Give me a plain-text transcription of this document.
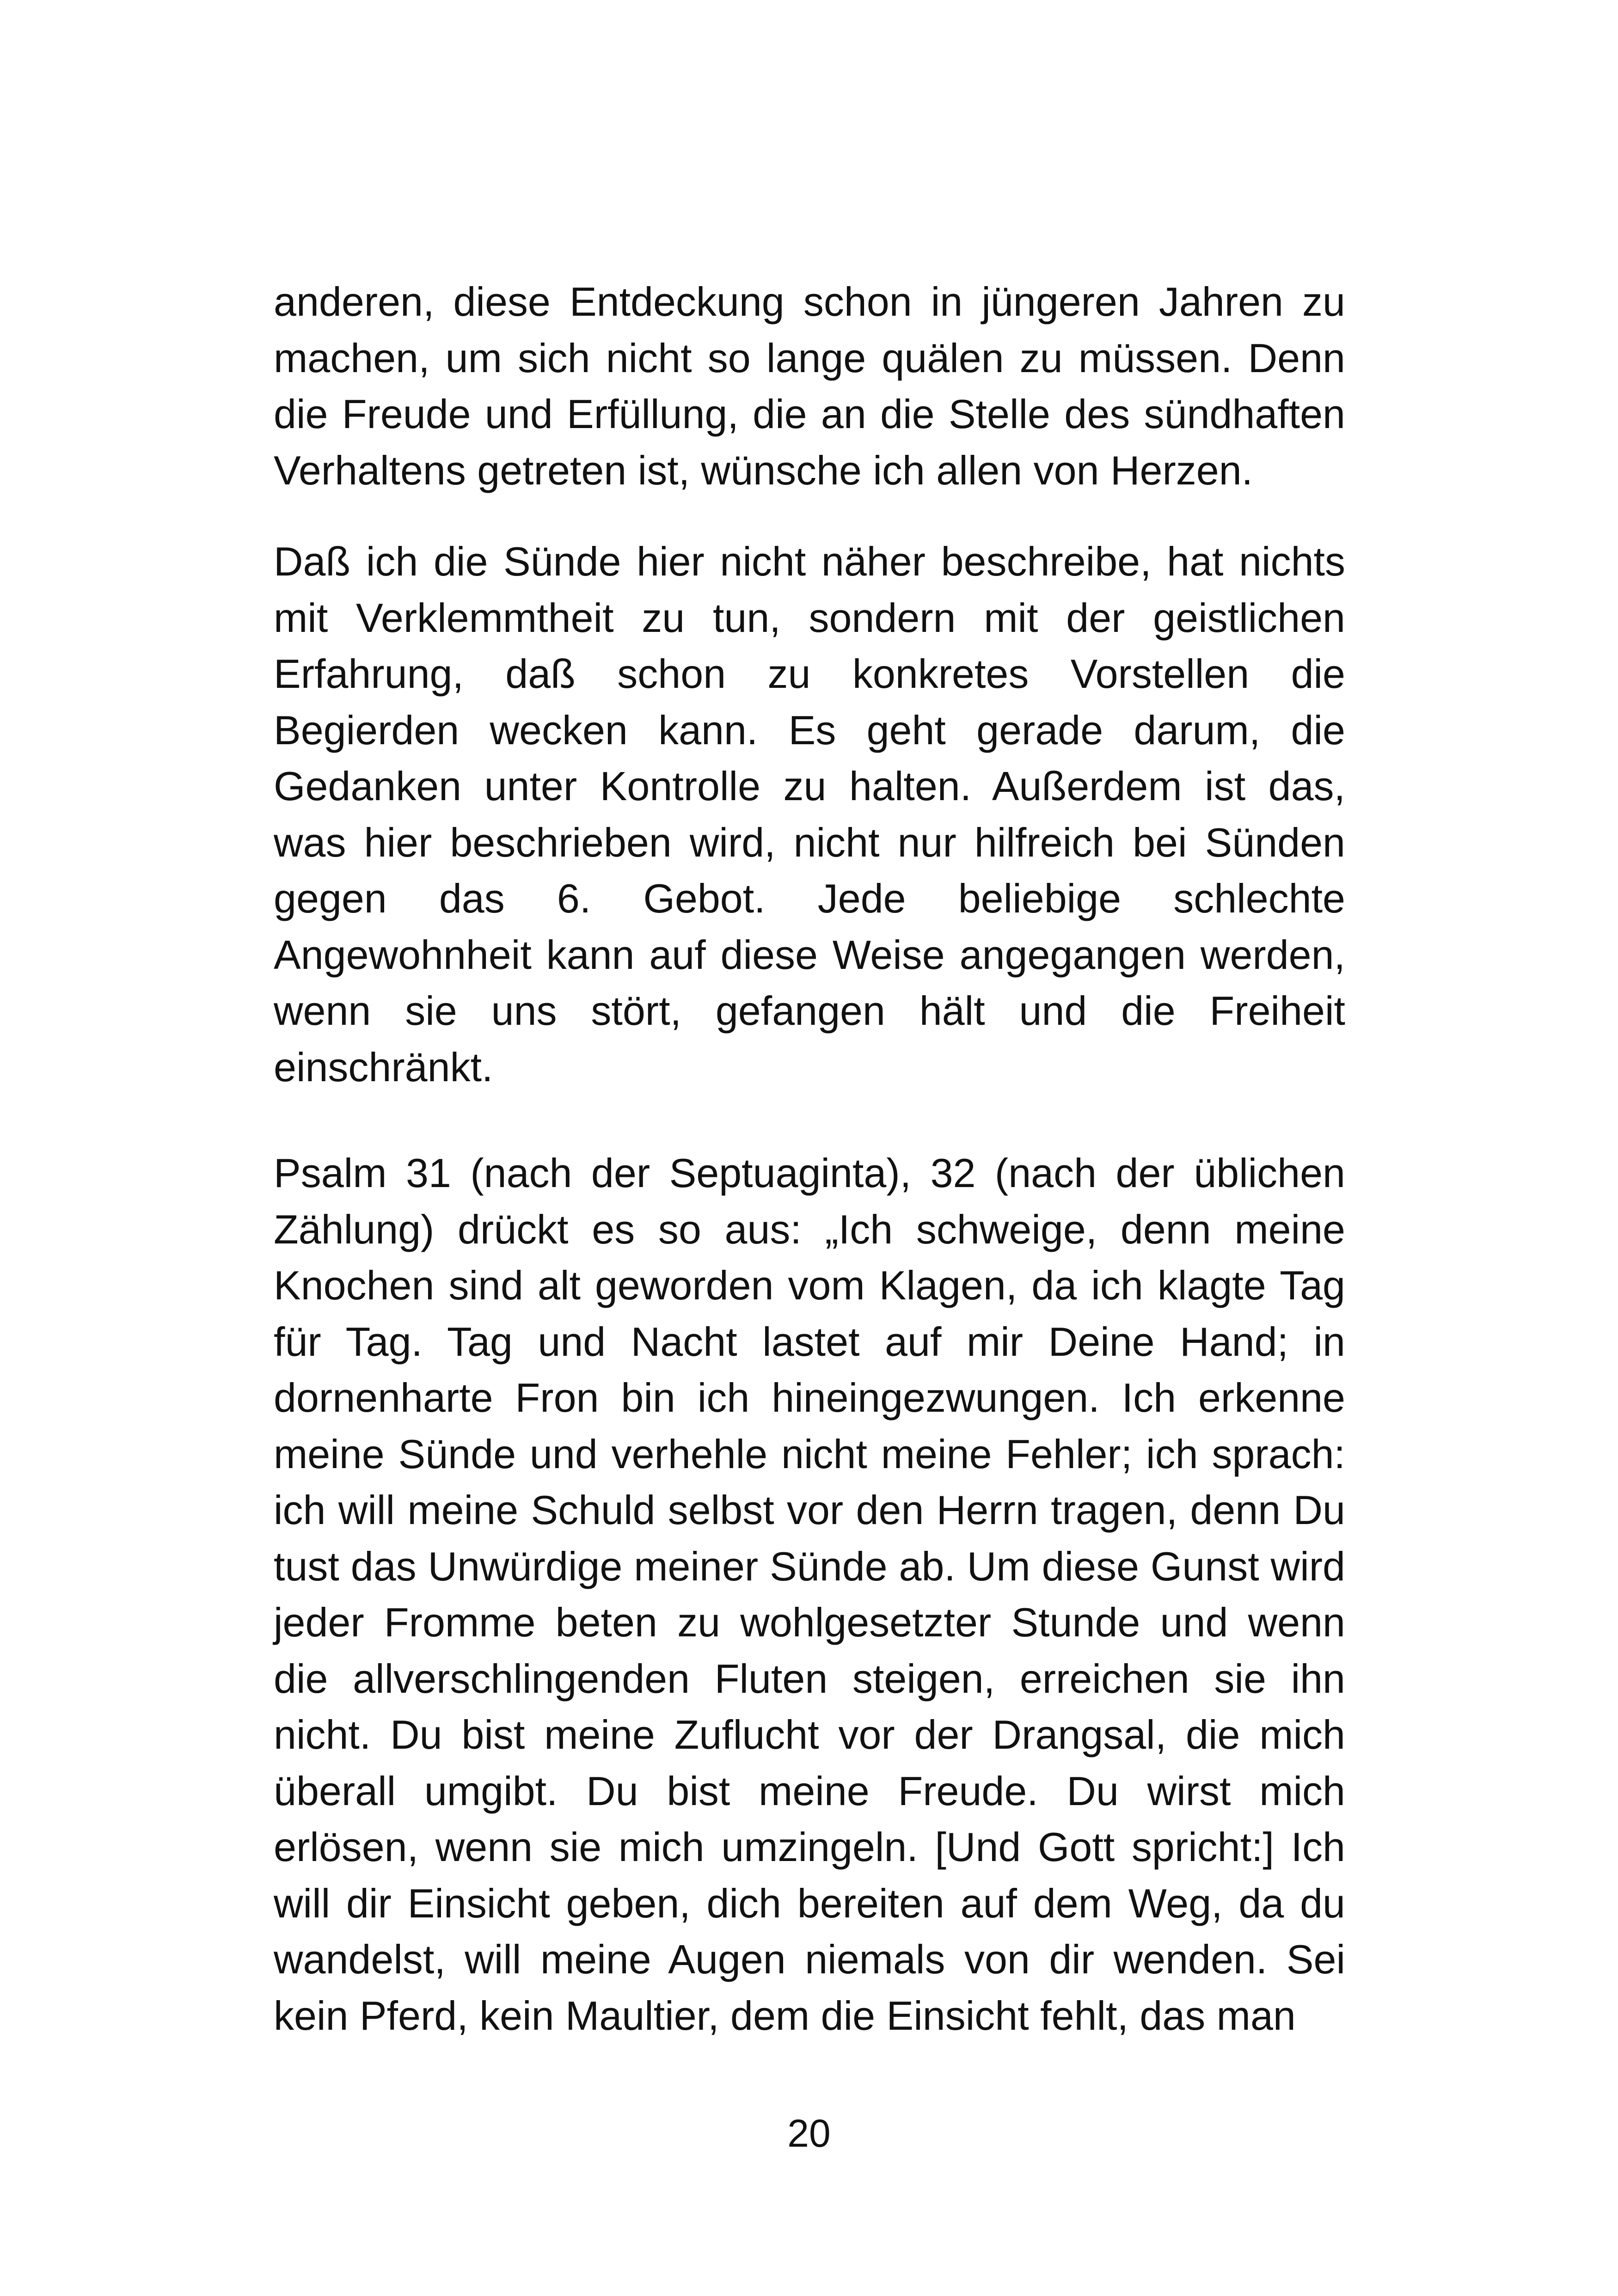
anderen, diese Entdeckung schon in jüngeren Jahren zu machen, um sich nicht so lange quälen zu müssen. Denn die Freude und Erfüllung, die an die Stelle des sündhaften Verhaltens getreten ist, wünsche ich allen von Herzen.

Daß ich die Sünde hier nicht näher beschreibe, hat nichts mit Verklemmtheit zu tun, sondern mit der geistlichen Erfahrung, daß schon zu konkretes Vorstellen die Begierden wecken kann. Es geht gerade darum, die Gedanken unter Kontrolle zu halten. Außerdem ist das, was hier beschrieben wird, nicht nur hilfreich bei Sünden gegen das 6. Gebot. Jede beliebige schlechte Angewohnheit kann auf diese Weise angegangen werden, wenn sie uns stört, gefangen hält und die Freiheit einschränkt.

Psalm 31 (nach der Septuaginta), 32 (nach der üblichen Zählung) drückt es so aus: „Ich schweige, denn meine Knochen sind alt geworden vom Klagen, da ich klagte Tag für Tag. Tag und Nacht lastet auf mir Deine Hand; in dornenharte Fron bin ich hineingezwungen. Ich erkenne meine Sünde und verhehle nicht meine Fehler; ich sprach: ich will meine Schuld selbst vor den Herrn tragen, denn Du tust das Unwürdige meiner Sünde ab. Um diese Gunst wird jeder Fromme beten zu wohlgesetzter Stunde und wenn die allverschlingenden Fluten steigen, erreichen sie ihn nicht. Du bist meine Zuflucht vor der Drangsal, die mich überall umgibt. Du bist meine Freude. Du wirst mich erlösen, wenn sie mich umzingeln. [Und Gott spricht:] Ich will dir Einsicht geben, dich bereiten auf dem Weg, da du wandelst, will meine Augen niemals von dir wenden. Sei kein Pferd, kein Maultier, dem die Einsicht fehlt, das man

20
